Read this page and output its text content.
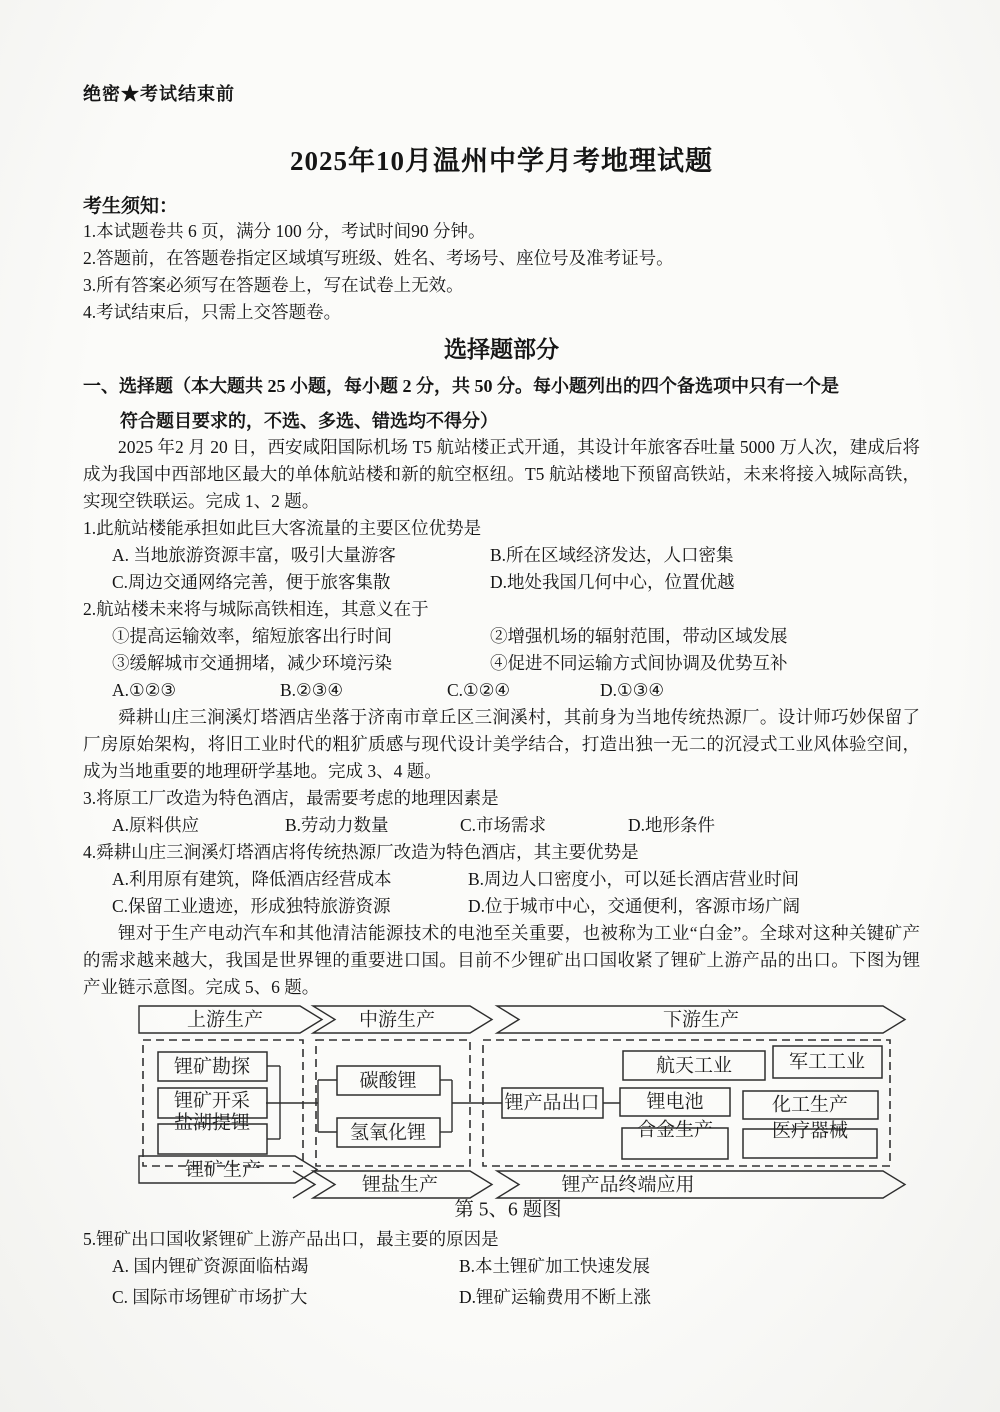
绝密★考试结束前
2025年10月温州中学月考地理试题
考生须知：
1.本试题卷共 6 页，满分 100 分，考试时间90 分钟。
2.答题前，在答题卷指定区域填写班级、姓名、考场号、座位号及准考证号。
3.所有答案必须写在答题卷上，写在试卷上无效。
4.考试结束后，只需上交答题卷。
选择题部分
一、选择题（本大题共 25 小题，每小题 2 分，共 50 分。每小题列出的四个备选项中只有一个是
符合题目要求的，不选、多选、错选均不得分）
2025 年2 月 20 日，西安咸阳国际机场 T5 航站楼正式开通，其设计年旅客吞吐量 5000 万人次，建成后将成为我国中西部地区最大的单体航站楼和新的航空枢纽。T5 航站楼地下预留高铁站，未来将接入城际高铁，实现空铁联运。完成 1、2 题。
1.此航站楼能承担如此巨大客流量的主要区位优势是
A. 当地旅游资源丰富，吸引大量游客	B.所在区域经济发达，人口密集
C.周边交通网络完善，便于旅客集散	D.地处我国几何中心，位置优越
2.航站楼未来将与城际高铁相连，其意义在于
①提高运输效率，缩短旅客出行时间	②增强机场的辐射范围，带动区域发展
③缓解城市交通拥堵，减少环境污染	④促进不同运输方式间协调及优势互补
A.①②③	B.②③④	C.①②④	D.①③④
舜耕山庄三涧溪灯塔酒店坐落于济南市章丘区三涧溪村，其前身为当地传统热源厂。设计师巧妙保留了厂房原始架构，将旧工业时代的粗犷质感与现代设计美学结合，打造出独一无二的沉浸式工业风体验空间，成为当地重要的地理研学基地。完成 3、4 题。
3.将原工厂改造为特色酒店，最需要考虑的地理因素是
A.原料供应	B.劳动力数量	C.市场需求	D.地形条件
4.舜耕山庄三涧溪灯塔酒店将传统热源厂改造为特色酒店，其主要优势是
A.利用原有建筑，降低酒店经营成本	B.周边人口密度小，可以延长酒店营业时间
C.保留工业遗迹，形成独特旅游资源	D.位于城市中心，交通便利，客源市场广阔
锂对于生产电动汽车和其他清洁能源技术的电池至关重要，也被称为工业“白金”。全球对这种关键矿产的需求越来越大，我国是世界锂的重要进口国。目前不少锂矿出口国收紧了锂矿上游产品的出口。下图为锂产业链示意图。完成 5、6 题。
上游生产	中游生产	下游生产
锂矿勘探
锂矿开采
盐湖提锂
碳酸锂
氢氧化锂
锂产品出口
航天工业	军工工业
锂电池	化工生产
合金生产	医疗器械
锂矿生产
锂盐生产	锂产品终端应用
第 5、6 题图
5.锂矿出口国收紧锂矿上游产品出口，最主要的原因是
A. 国内锂矿资源面临枯竭	B.本土锂矿加工快速发展
C. 国际市场锂矿市场扩大	D.锂矿运输费用不断上涨
